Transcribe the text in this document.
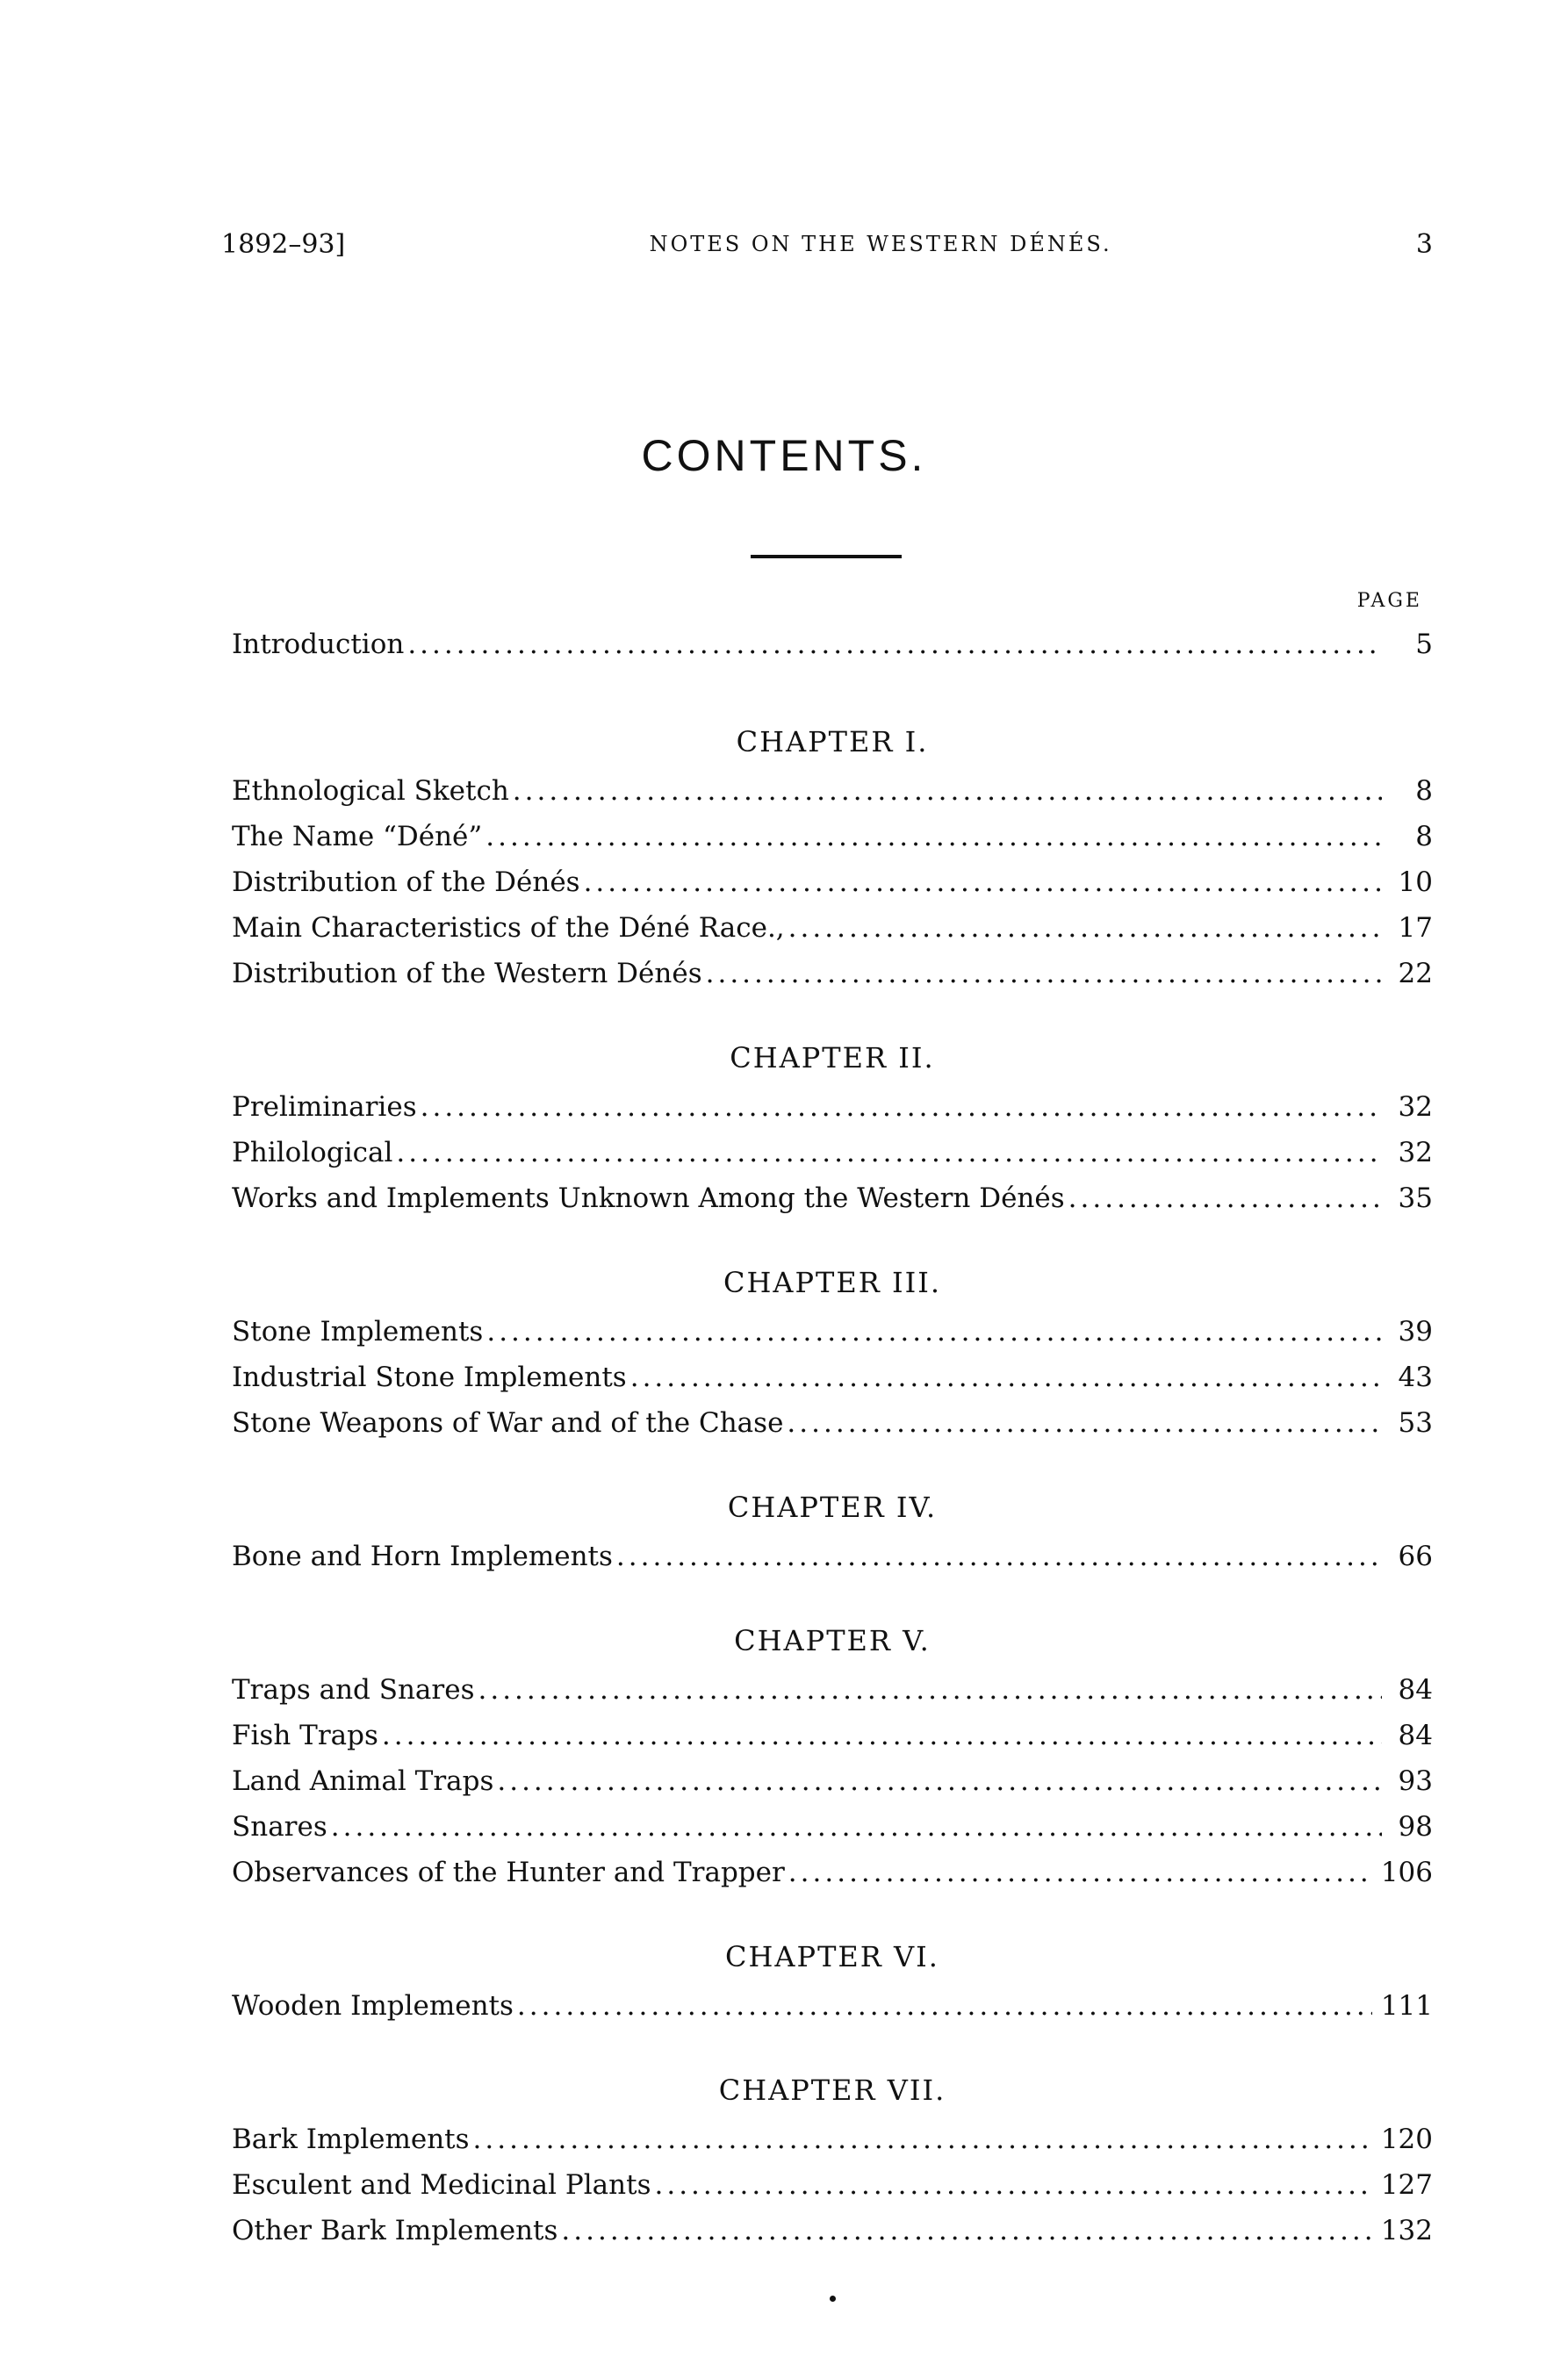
1892–93]	NOTES ON THE WESTERN DÉNÉS.	3
CONTENTS.
PAGE
Introduction .....	5
CHAPTER I.
Ethnological Sketch .....	8
The Name “Déné” .....	8
Distribution of the Dénés .....	10
Main Characteristics of the Déné Race., .....	17
Distribution of the Western Dénés .....	22
CHAPTER II.
Preliminaries .....	32
Philological .....	32
Works and Implements Unknown Among the Western Dénés .....	35
CHAPTER III.
Stone Implements .....	39
Industrial Stone Implements .....	43
Stone Weapons of War and of the Chase .....	53
CHAPTER IV.
Bone and Horn Implements .....	66
CHAPTER V.
Traps and Snares .....	84
Fish Traps .....	84
Land Animal Traps .....	93
Snares .....	98
Observances of the Hunter and Trapper .....	106
CHAPTER VI.
Wooden Implements .....	111
CHAPTER VII.
Bark Implements .....	120
Esculent and Medicinal Plants .....	127
Other Bark Implements .....	132
